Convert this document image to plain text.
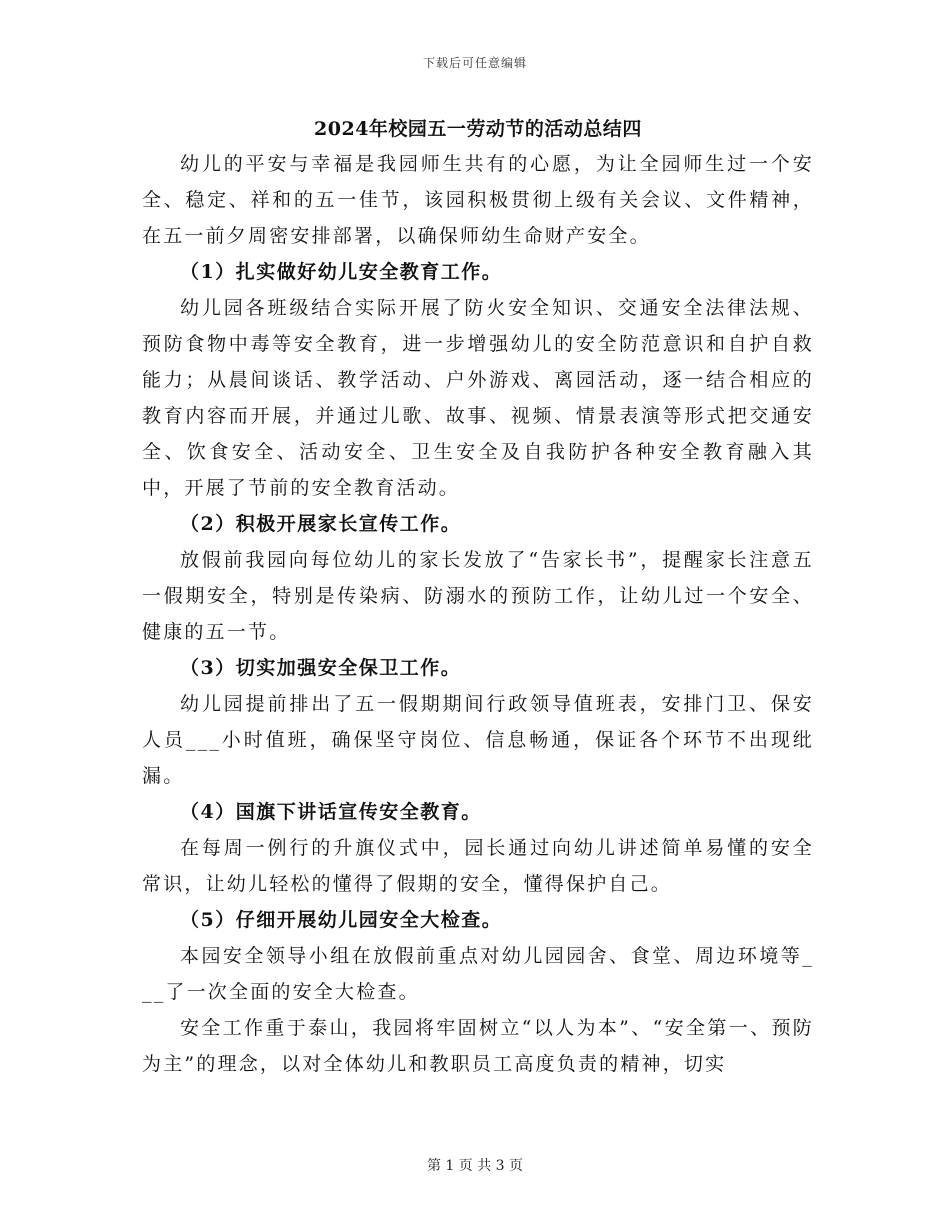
下载后可任意编辑
2024年校园五一劳动节的活动总结四

幼儿的平安与幸福是我园师生共有的心愿，为让全园师生过一个安全、稳定、祥和的五一佳节，该园积极贯彻上级有关会议、文件精神，在五一前夕周密安排部署，以确保师幼生命财产安全。

（1）扎实做好幼儿安全教育工作。

幼儿园各班级结合实际开展了防火安全知识、交通安全法律法规、预防食物中毒等安全教育，进一步增强幼儿的安全防范意识和自护自救能力；从晨间谈话、教学活动、户外游戏、离园活动，逐一结合相应的教育内容而开展，并通过儿歌、故事、视频、情景表演等形式把交通安全、饮食安全、活动安全、卫生安全及自我防护各种安全教育融入其中，开展了节前的安全教育活动。

（2）积极开展家长宣传工作。

放假前我园向每位幼儿的家长发放了“告家长书”，提醒家长注意五一假期安全，特别是传染病、防溺水的预防工作，让幼儿过一个安全、健康的五一节。

（3）切实加强安全保卫工作。

幼儿园提前排出了五一假期期间行政领导值班表，安排门卫、保安人员___小时值班，确保坚守岗位、信息畅通，保证各个环节不出现纰漏。

（4）国旗下讲话宣传安全教育。

在每周一例行的升旗仪式中，园长通过向幼儿讲述简单易懂的安全常识，让幼儿轻松的懂得了假期的安全，懂得保护自己。

（5）仔细开展幼儿园安全大检查。

本园安全领导小组在放假前重点对幼儿园园舍、食堂、周边环境等___了一次全面的安全大检查。

安全工作重于泰山，我园将牢固树立“以人为本”、“安全第一、预防为主”的理念，以对全体幼儿和教职员工高度负责的精神，切实

第 1 页 共 3 页
